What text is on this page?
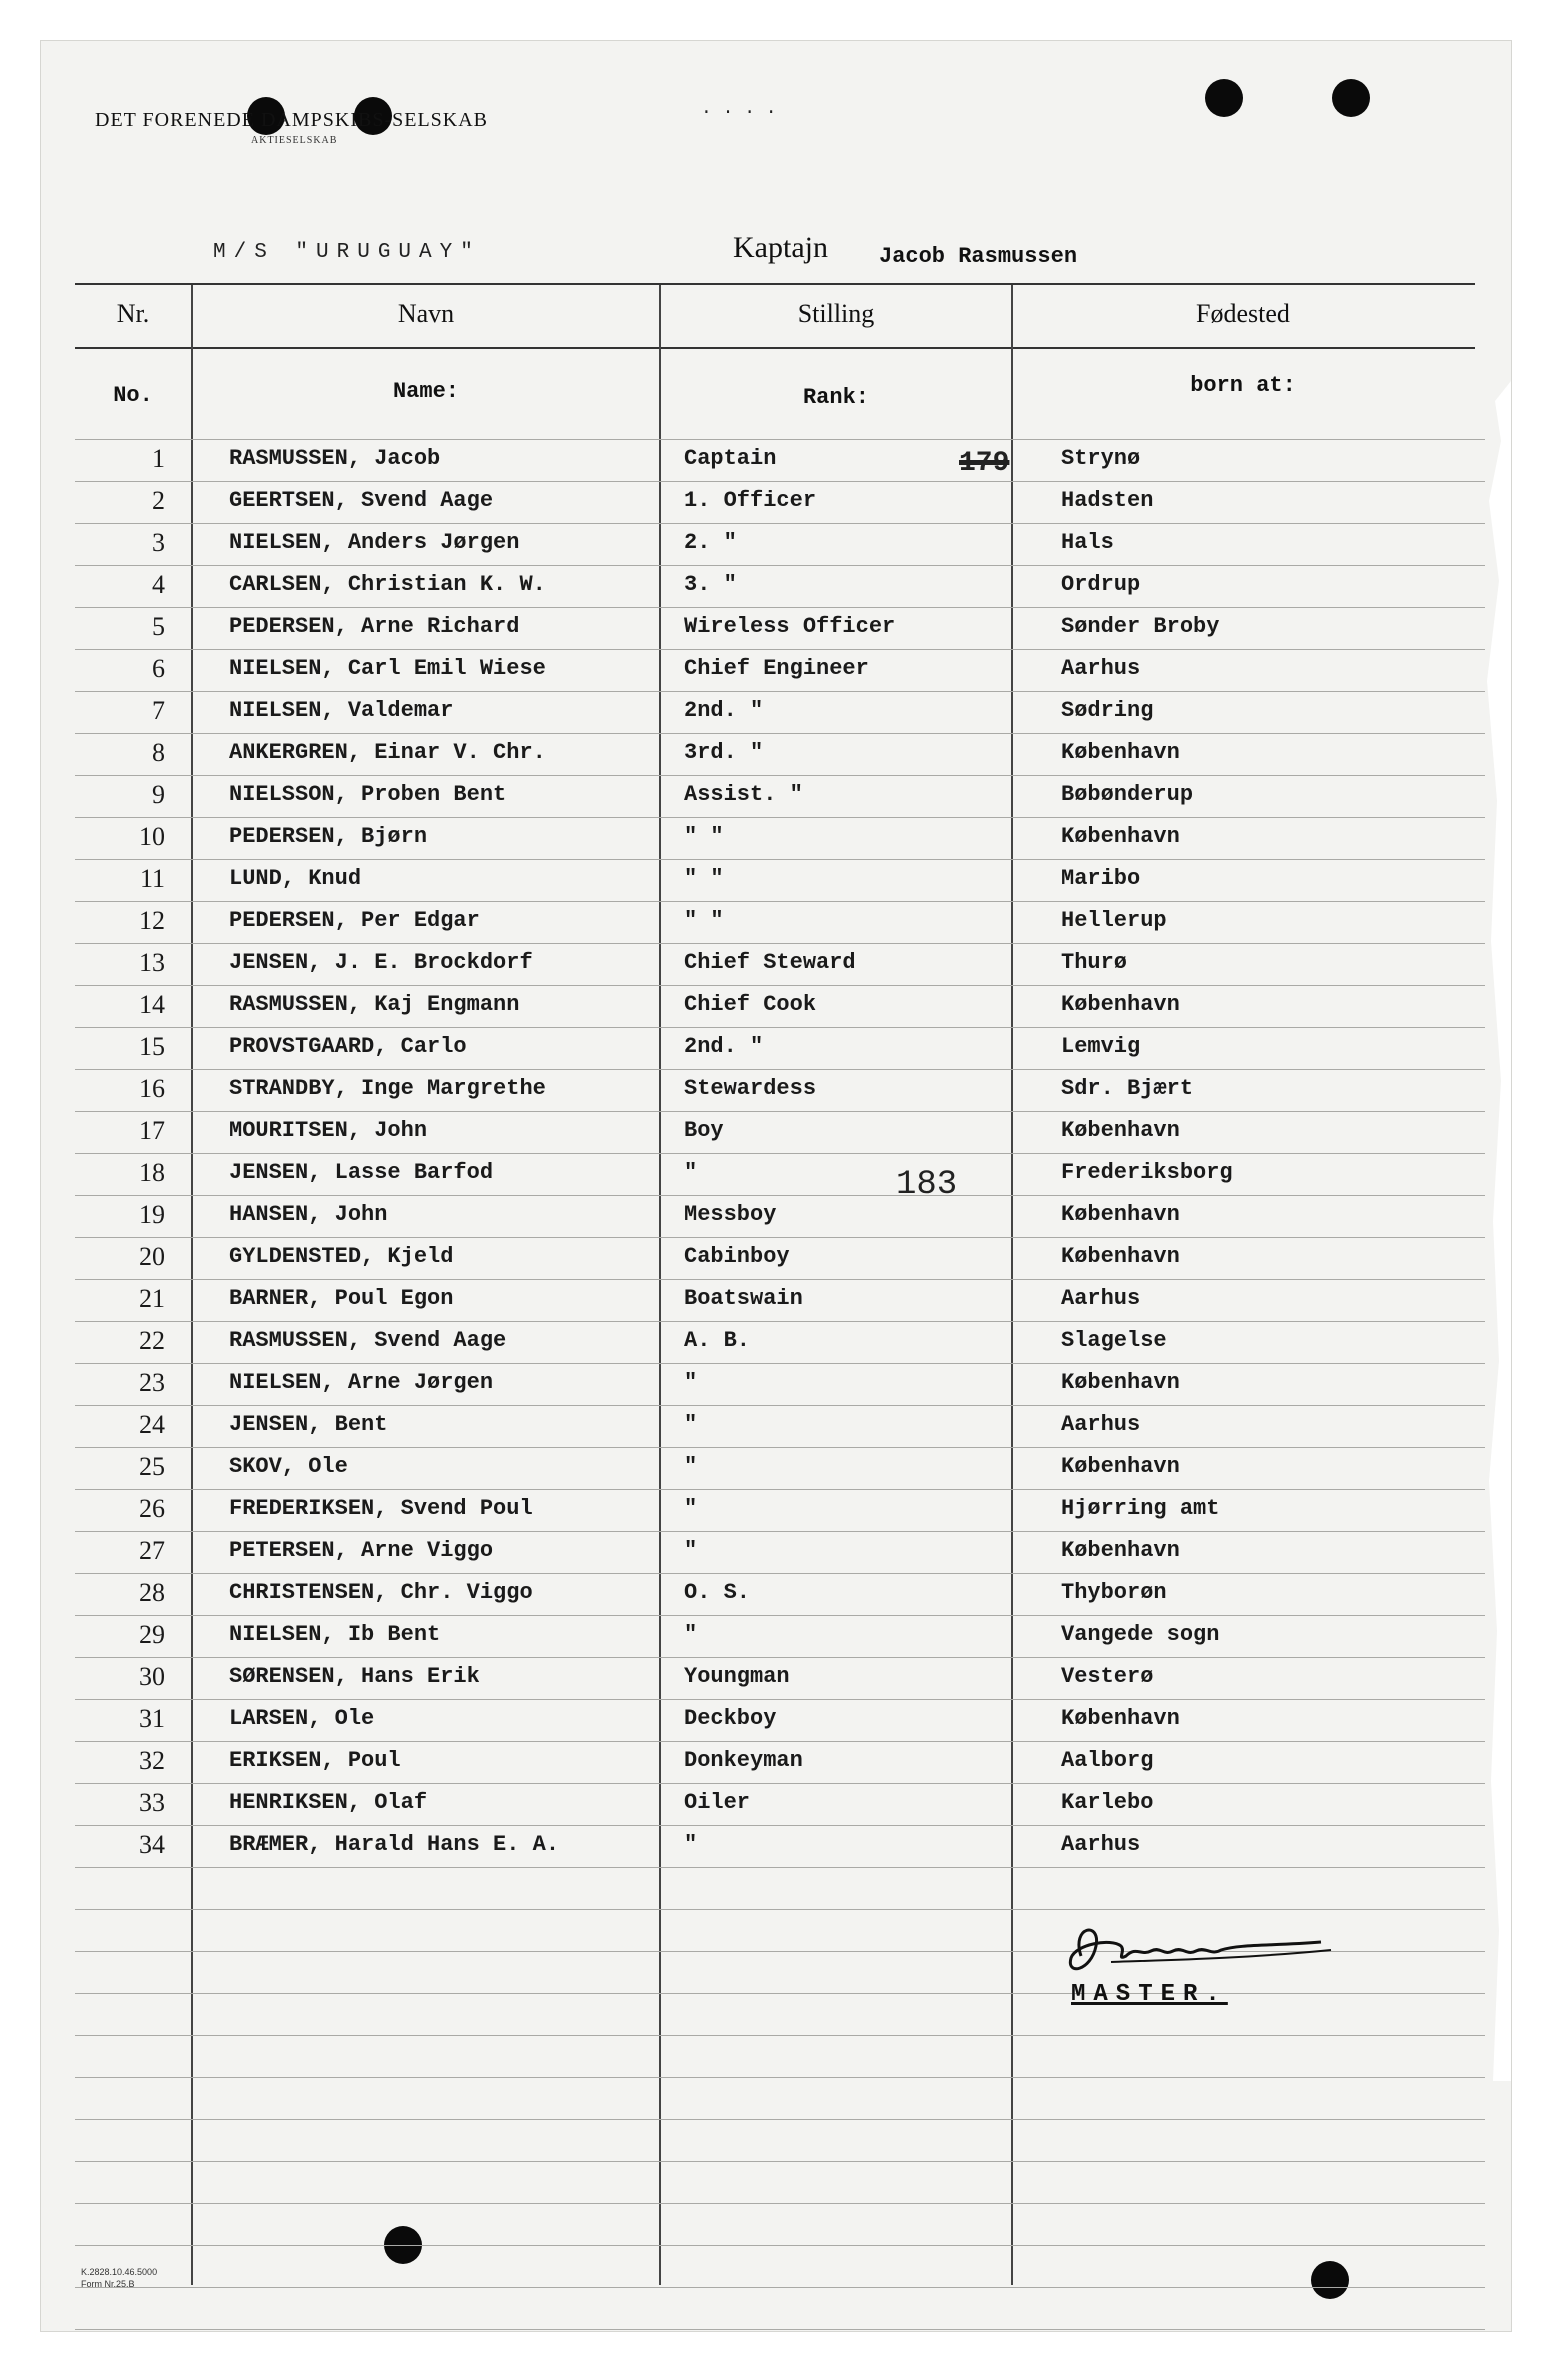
DET FORENEDE DAMPSKIBS-SELSKAB
AKTIESELSKAB
· · · ·
M/S "URUGUAY"	Kaptajn Jacob Rasmussen
Nr.	Navn	Stilling	Fødested
No.	Name:	Rank:	born at:
1	RASMUSSEN, Jacob	Captain	Strynø
2	GEERTSEN, Svend Aage	1. Officer	Hadsten
3	NIELSEN, Anders Jørgen	2. "	Hals
4	CARLSEN, Christian K. W.	3. "	Ordrup
5	PEDERSEN, Arne Richard	Wireless Officer	Sønder Broby
6	NIELSEN, Carl Emil Wiese	Chief Engineer	Aarhus
7	NIELSEN, Valdemar	2nd. "	Sødring
8	ANKERGREN, Einar V. Chr.	3rd. "	København
9	NIELSSON, Proben Bent	Assist. "	Bøbønderup
10	PEDERSEN, Bjørn	" "	København
11	LUND, Knud	" "	Maribo
12	PEDERSEN, Per Edgar	" "	Hellerup
13	JENSEN, J. E. Brockdorf	Chief Steward	Thurø
14	RASMUSSEN, Kaj Engmann	Chief Cook	København
15	PROVSTGAARD, Carlo	2nd. "	Lemvig
16	STRANDBY, Inge Margrethe	Stewardess	Sdr. Bjært
17	MOURITSEN, John	Boy	København
18	JENSEN, Lasse Barfod	"	Frederiksborg
19	HANSEN, John	Messboy	København
20	GYLDENSTED, Kjeld	Cabinboy	København
21	BARNER, Poul Egon	Boatswain	Aarhus
22	RASMUSSEN, Svend Aage	A. B.	Slagelse
23	NIELSEN, Arne Jørgen	"	København
24	JENSEN, Bent	"	Aarhus
25	SKOV, Ole	"	København
26	FREDERIKSEN, Svend Poul	"	Hjørring amt
27	PETERSEN, Arne Viggo	"	København
28	CHRISTENSEN, Chr. Viggo	O. S.	Thyborøn
29	NIELSEN, Ib Bent	"	Vangede sogn
30	SØRENSEN, Hans Erik	Youngman	Vesterø
31	LARSEN, Ole	Deckboy	København
32	ERIKSEN, Poul	Donkeyman	Aalborg
33	HENRIKSEN, Olaf	Oiler	Karlebo
34	BRÆMER, Harald Hans E. A.	"	Aarhus
179
183
MASTER.
K.2828.10.46.5000
Form Nr.25.B
